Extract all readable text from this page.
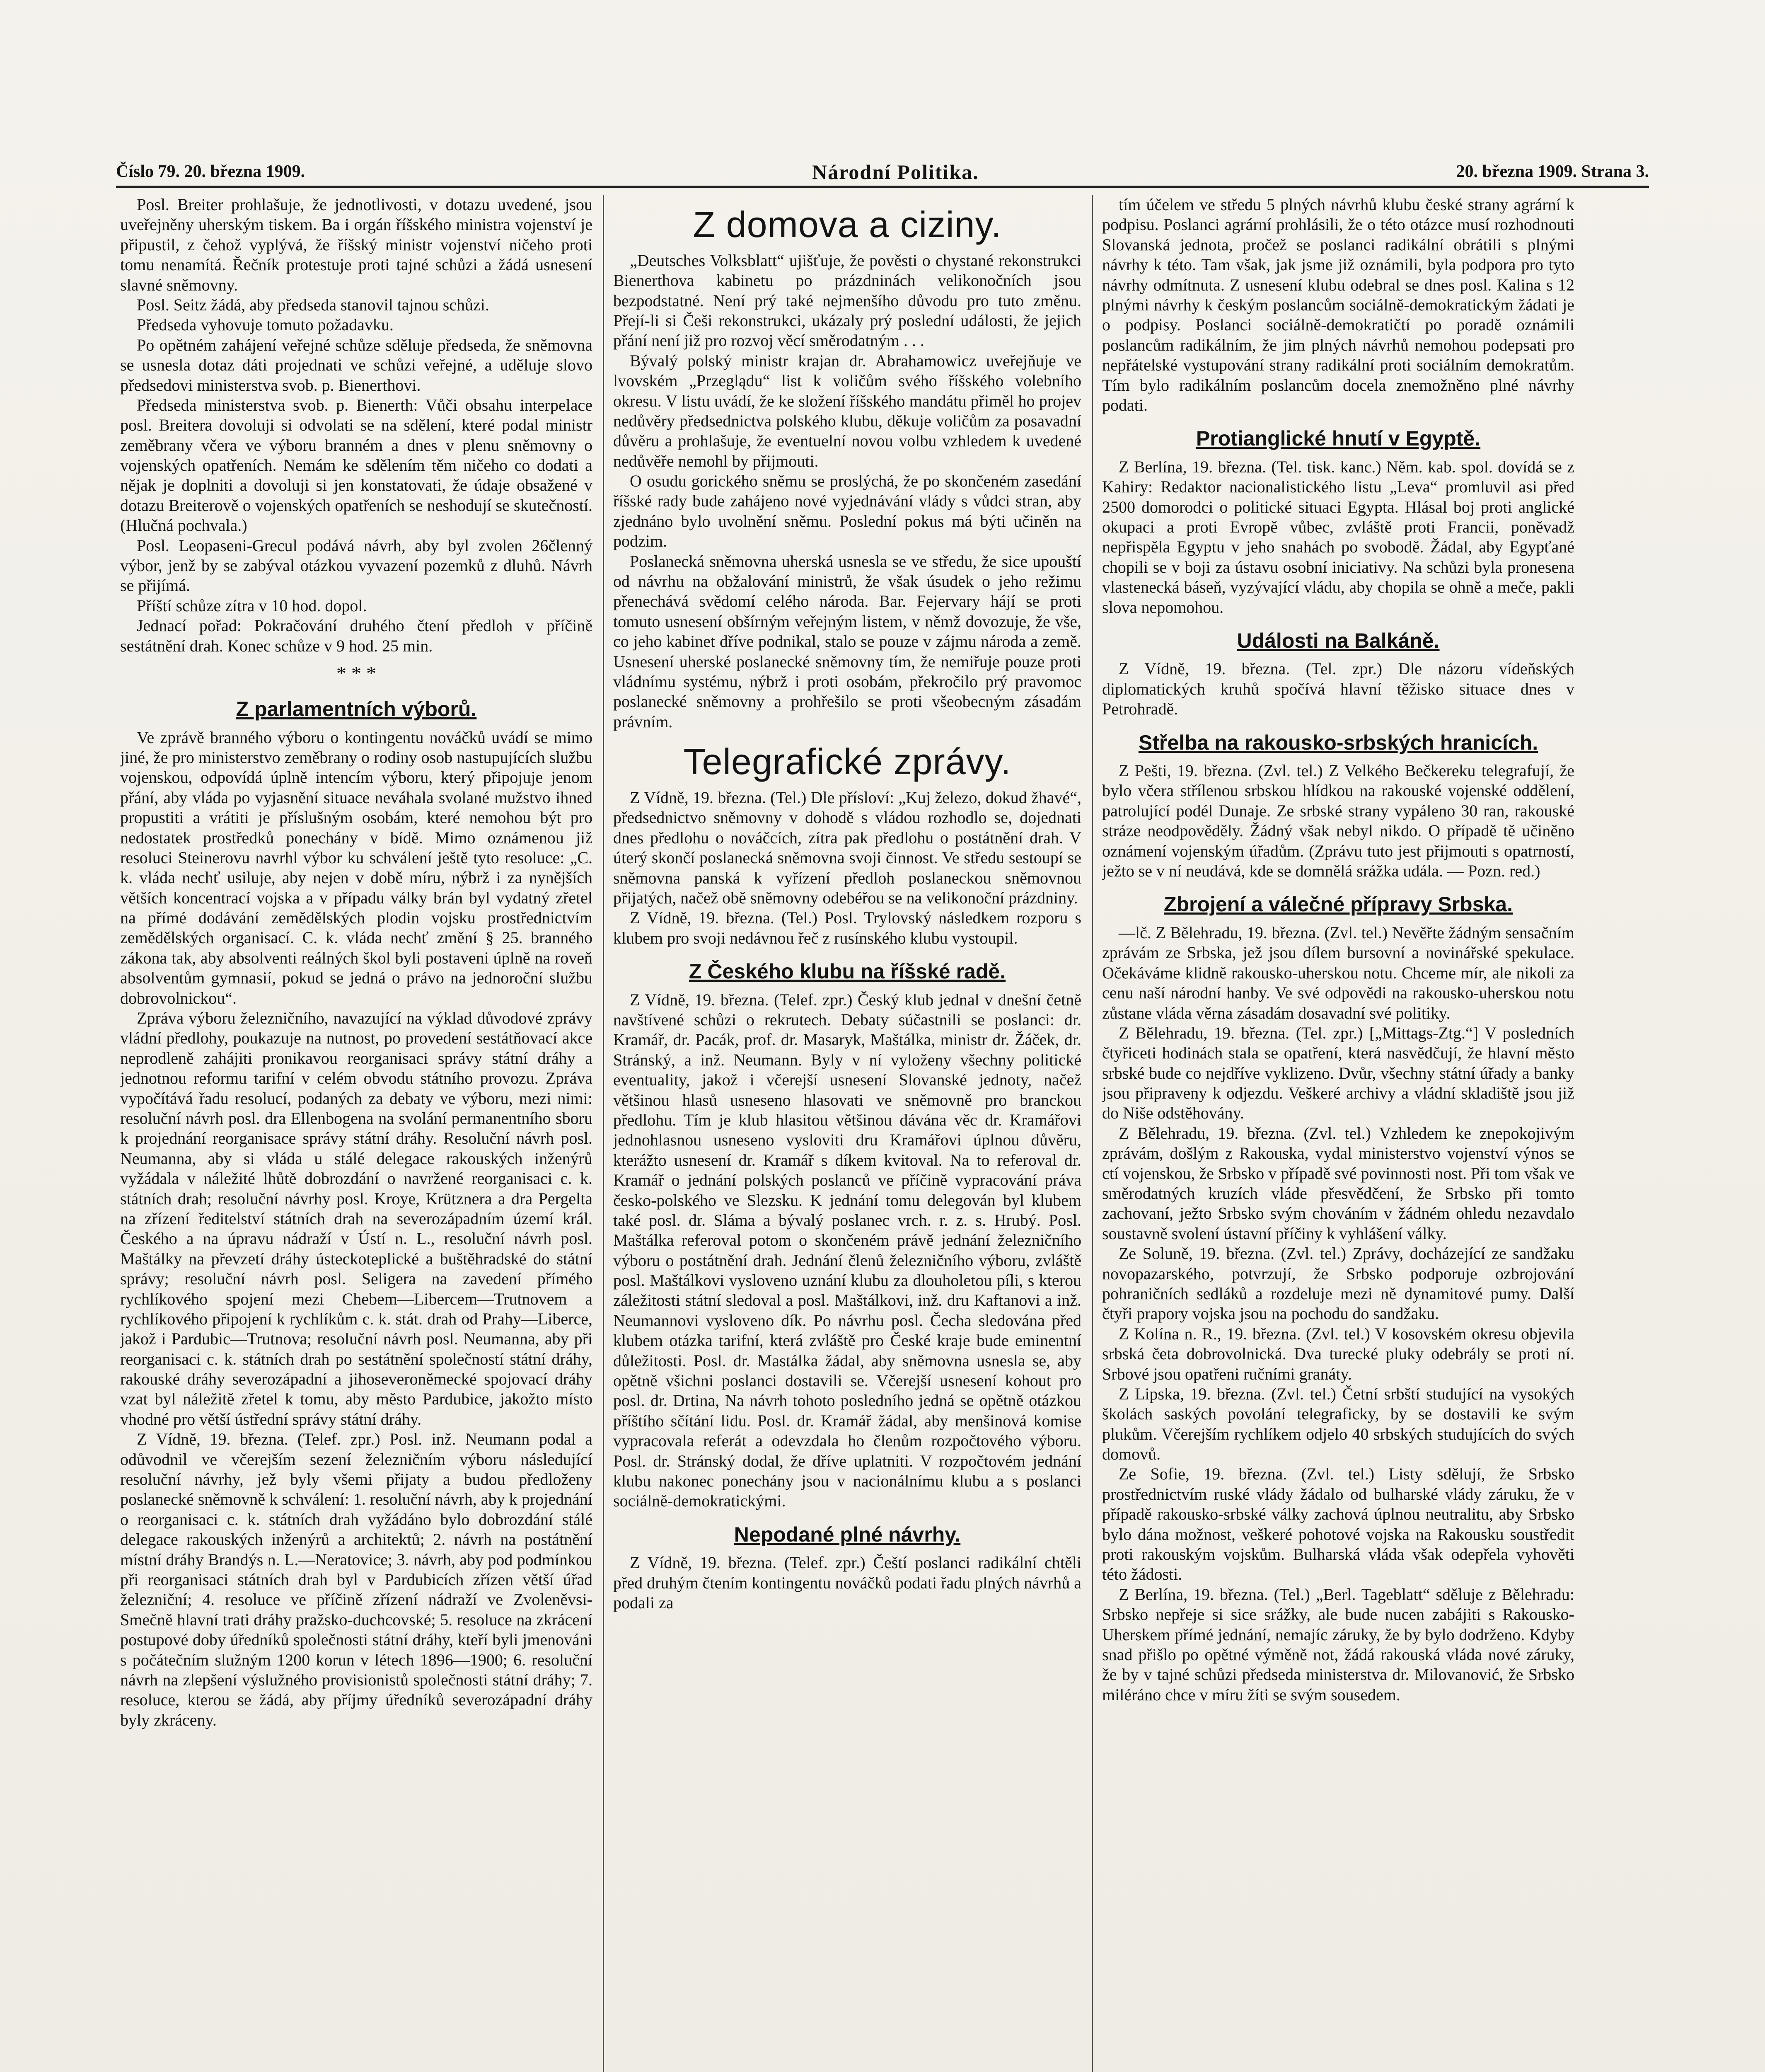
Číslo 79. 20. března 1909.	Národní Politika.	20. března 1909. Strana 3.

Posl. Breiter prohlašuje, že jednotlivosti, v dotazu uvedené, jsou uveřejněny uherským tiskem. Ba i orgán říšského ministra vojenství je připustil, z čehož vyplývá, že říšský ministr vojenství ničeho proti tomu nenamítá. Řečník protestuje proti tajné schůzi a žádá usnesení slavné sněmovny.

Posl. Seitz žádá, aby předseda stanovil tajnou schůzi.

Předseda vyhovuje tomuto požadavku.

Po opětném zahájení veřejné schůze sděluje předseda, že sněmovna se usnesla dotaz dáti projednati ve schůzi veřejné, a uděluje slovo předsedovi ministerstva svob. p. Bienerthovi.

Předseda ministerstva svob. p. Bienerth: Vůči obsahu interpelace posl. Breitera dovoluji si odvolati se na sdělení, které podal ministr zeměbrany včera ve výboru branném a dnes v plenu sněmovny o vojenských opatřeních. Nemám ke sdělením těm ničeho co dodati a nějak je doplniti a dovoluji si jen konstatovati, že údaje obsažené v dotazu Breiterově o vojenských opatřeních se neshodují se skutečností. (Hlučná pochvala.)

Posl. Leopaseni-Grecul podává návrh, aby byl zvolen 26členný výbor, jenž by se zabýval otázkou vyvazení pozemků z dluhů. Návrh se přijímá.

Příští schůze zítra v 10 hod. dopol.

Jednací pořad: Pokračování druhého čtení předloh v příčině sestátnění drah. Konec schůze v 9 hod. 25 min.

* * *
Z parlamentních výborů.

Ve zprávě branného výboru o kontingentu nováčků uvádí se mimo jiné, že pro ministerstvo zeměbrany o rodiny osob nastupujících službu vojenskou, odpovídá úplně intencím výboru, který připojuje jenom přání, aby vláda po vyjasnění situace neváhala svolané mužstvo ihned propustiti a vrátiti je příslušným osobám, které nemohou být pro nedostatek prostředků ponechány v bídě. Mimo oznámenou již resoluci Steinerovu navrhl výbor ku schválení ještě tyto resoluce: „C. k. vláda nechť usiluje, aby nejen v době míru, nýbrž i za nynějších větších koncentrací vojska a v případu války brán byl vydatný zřetel na přímé dodávání zemědělských plodin vojsku prostřednictvím zemědělských organisací. C. k. vláda nechť změní § 25. branného zákona tak, aby absolventi reálných škol byli postaveni úplně na roveň absolventům gymnasií, pokud se jedná o právo na jednoroční službu dobrovolnickou“.

Zpráva výboru železničního, navazující na výklad důvodové zprávy vládní předlohy, poukazuje na nutnost, po provedení sestátňovací akce neprodleně zahájiti pronikavou reorganisaci správy státní dráhy a jednotnou reformu tarifní v celém obvodu státního provozu. Zpráva vypočítává řadu resolucí, podaných za debaty ve výboru, mezi nimi: resoluční návrh posl. dra Ellenbogena na svolání permanentního sboru k projednání reorganisace správy státní dráhy. Resoluční návrh posl. Neumanna, aby si vláda u stálé delegace rakouských inženýrů vyžádala v náležité lhůtě dobrozdání o navržené reorganisaci c. k. státních drah; resoluční návrhy posl. Kroye, Krütznera a dra Pergelta na zřízení ředitelství státních drah na severozápadním území král. Českého a na úpravu nádraží v Ústí n. L., resoluční návrh posl. Maštálky na převzetí dráhy ústeckoteplické a buštěhradské do státní správy; resoluční návrh posl. Seligera na zavedení přímého rychlíkového spojení mezi Chebem—Libercem—Trutnovem a rychlíkového připojení k rychlíkům c. k. stát. drah od Prahy—Liberce, jakož i Pardubic—Trutnova; resoluční návrh posl. Neumanna, aby při reorganisaci c. k. státních drah po sestátnění společností státní dráhy, rakouské dráhy severozápadní a jihoseveroněmecké spojovací dráhy vzat byl náležitě zřetel k tomu, aby město Pardubice, jakožto místo vhodné pro větší ústřední správy státní dráhy.

Z Vídně, 19. března. (Telef. zpr.) Posl. inž. Neumann podal a odůvodnil ve včerejším sezení železničním výboru následující resoluční návrhy, jež byly všemi přijaty a budou předloženy poslanecké sněmovně k schválení: 1. resoluční návrh, aby k projednání o reorganisaci c. k. státních drah vyžádáno bylo dobrozdání stálé delegace rakouských inženýrů a architektů; 2. návrh na postátnění místní dráhy Brandýs n. L.—Neratovice; 3. návrh, aby pod podmínkou při reorganisaci státních drah byl v Pardubicích zřízen větší úřad železniční; 4. resoluce ve příčině zřízení nádraží ve Zvoleněvsi-Smečně hlavní trati dráhy pražsko-duchcovské; 5. resoluce na zkrácení postupové doby úředníků společnosti státní dráhy, kteří byli jmenováni s počátečním služným 1200 korun v létech 1896—1900; 6. resoluční návrh na zlepšení výslužného provisionistů společnosti státní dráhy; 7. resoluce, kterou se žádá, aby příjmy úředníků severozápadní dráhy byly zkráceny.

Z domova a ciziny.

„Deutsches Volksblatt“ ujišťuje, že pověsti o chystané rekonstrukci Bienerthova kabinetu po prázdninách velikonočních jsou bezpodstatné. Není prý také nejmenšího důvodu pro tuto změnu. Přejí-li si Češi rekonstrukci, ukázaly prý poslední události, že jejich přání není již pro rozvoj věcí směrodatným . . .

Bývalý polský ministr krajan dr. Abrahamowicz uveřejňuje ve lvovském „Przeglądu“ list k voličům svého říšského volebního okresu. V listu uvádí, že ke složení říšského mandátu přiměl ho projev nedůvěry předsednictva polského klubu, děkuje voličům za posavadní důvěru a prohlašuje, že eventuelní novou volbu vzhledem k uvedené nedůvěře nemohl by přijmouti.

O osudu gorického sněmu se proslýchá, že po skončeném zasedání říšské rady bude zahájeno nové vyjednávání vlády s vůdci stran, aby zjednáno bylo uvolnění sněmu. Poslední pokus má býti učiněn na podzim.

Poslanecká sněmovna uherská usnesla se ve středu, že sice upouští od návrhu na obžalování ministrů, že však úsudek o jeho režimu přenechává svědomí celého národa. Bar. Fejervary hájí se proti tomuto usnesení obšírným veřejným listem, v němž dovozuje, že vše, co jeho kabinet dříve podnikal, stalo se pouze v zájmu národa a země. Usnesení uherské poslanecké sněmovny tím, že nemiřuje pouze proti vládnímu systému, nýbrž i proti osobám, překročilo prý pravomoc poslanecké sněmovny a prohřešilo se proti všeobecným zásadám právním.

Telegrafické zprávy.

Z Vídně, 19. března. (Tel.) Dle přísloví: „Kuj železo, dokud žhavé“, předsednictvo sněmovny v dohodě s vládou rozhodlo se, dojednati dnes předlohu o nováčcích, zítra pak předlohu o postátnění drah. V úterý skončí poslanecká sněmovna svoji činnost. Ve středu sestoupí se sněmovna panská k vyřízení předloh poslaneckou sněmovnou přijatých, načež obě sněmovny odebéřou se na velikonoční prázdniny.

Z Vídně, 19. března. (Tel.) Posl. Trylovský následkem rozporu s klubem pro svoji nedávnou řeč z rusínského klubu vystoupil.

Z Českého klubu na říšské radě.

Z Vídně, 19. března. (Telef. zpr.) Český klub jednal v dnešní četně navštívené schůzi o rekrutech. Debaty súčastnili se poslanci: dr. Kramář, dr. Pacák, prof. dr. Masaryk, Maštálka, ministr dr. Žáček, dr. Stránský, a inž. Neumann. Byly v ní vyloženy všechny politické eventuality, jakož i včerejší usnesení Slovanské jednoty, načež většinou hlasů usneseno hlasovati ve sněmovně pro branckou předlohu. Tím je klub hlasitou většinou dávána věc dr. Kramářovi jednohlasnou usneseno vysloviti dru Kramářovi úplnou důvěru, kterážto usnesení dr. Kramář s díkem kvitoval. Na to referoval dr. Kramář o jednání polských poslanců ve příčině vypracování práva česko-polského ve Slezsku. K jednání tomu delegován byl klubem také posl. dr. Sláma a bývalý poslanec vrch. r. z. s. Hrubý. Posl. Maštálka referoval potom o skončeném právě jednání železničního výboru o postátnění drah. Jednání členů železničního výboru, zvláště posl. Maštálkovi vysloveno uznání klubu za dlouholetou píli, s kterou záležitosti státní sledoval a posl. Maštálkovi, inž. dru Kaftanovi a inž. Neumannovi vysloveno dík. Po návrhu posl. Čecha sledována před klubem otázka tarifní, která zvláště pro České kraje bude eminentní důležitosti. Posl. dr. Mastálka žádal, aby sněmovna usnesla se, aby opětně všichni poslanci dostavili se. Včerejší usnesení kohout pro posl. dr. Drtina, Na návrh tohoto posledního jedná se opětně otázkou příštího sčítání lidu. Posl. dr. Kramář žádal, aby menšinová komise vypracovala referát a odevzdala ho členům rozpočtového výboru. Posl. dr. Stránský dodal, že dříve uplatniti. V rozpočtovém jednání klubu nakonec ponechány jsou v nacionálnímu klubu a s poslanci sociálně-demokratickými.

Nepodané plné návrhy.

Z Vídně, 19. března. (Telef. zpr.) Čeští poslanci radikální chtěli před druhým čtením kontingentu nováčků podati řadu plných návrhů a podali za

tím účelem ve středu 5 plných návrhů klubu české strany agrární k podpisu. Poslanci agrární prohlásili, že o této otázce musí rozhodnouti Slovanská jednota, pročež se poslanci radikální obrátili s plnými návrhy k této. Tam však, jak jsme již oznámili, byla podpora pro tyto návrhy odmítnuta. Z usnesení klubu odebral se dnes posl. Kalina s 12 plnými návrhy k českým poslancům sociálně-demokratickým žádati je o podpisy. Poslanci sociálně-demokratičtí po poradě oznámili poslancům radikálním, že jim plných návrhů nemohou podepsati pro nepřátelské vystupování strany radikální proti sociálním demokratům. Tím bylo radikálním poslancům docela znemožněno plné návrhy podati.

Protianglické hnutí v Egyptě.

Z Berlína, 19. března. (Tel. tisk. kanc.) Něm. kab. spol. dovídá se z Kahiry: Redaktor nacionalistického listu „Leva“ promluvil asi před 2500 domorodci o politické situaci Egypta. Hlásal boj proti anglické okupaci a proti Evropě vůbec, zvláště proti Francii, poněvadž nepřispěla Egyptu v jeho snahách po svobodě. Žádal, aby Egypťané chopili se v boji za ústavu osobní iniciativy. Na schůzi byla pronesena vlastenecká báseň, vyzývající vládu, aby chopila se ohně a meče, pakli slova nepomohou.

Události na Balkáně.

Z Vídně, 19. března. (Tel. zpr.) Dle názoru vídeňských diplomatických kruhů spočívá hlavní těžisko situace dnes v Petrohradě.

Střelba na rakousko-srbských hranicích.

Z Pešti, 19. března. (Zvl. tel.) Z Velkého Bečkereku telegrafují, že bylo včera střílenou srbskou hlídkou na rakouské vojenské oddělení, patrolující podél Dunaje. Ze srbské strany vypáleno 30 ran, rakouské stráze neodpověděly. Žádný však nebyl nikdo. O případě tě učiněno oznámení vojenským úřadům. (Zprávu tuto jest přijmouti s opatrností, ježto se v ní neudává, kde se domnělá srážka udála. — Pozn. red.)

Zbrojení a válečné přípravy Srbska.

—lč. Z Bělehradu, 19. března. (Zvl. tel.) Nevěřte žádným sensačním zprávám ze Srbska, jež jsou dílem bursovní a novinářské spekulace. Očekáváme klidně rakousko-uherskou notu. Chceme mír, ale nikoli za cenu naší národní hanby. Ve své odpovědi na rakousko-uherskou notu zůstane vláda věrna zásadám dosavadní své politiky.

Z Bělehradu, 19. března. (Tel. zpr.) [„Mittags-Ztg.“] V posledních čtyřiceti hodinách stala se opatření, která nasvědčují, že hlavní město srbské bude co nejdříve vyklizeno. Dvůr, všechny státní úřady a banky jsou připraveny k odjezdu. Veškeré archivy a vládní skladiště jsou již do Niše odstěhovány.

Z Bělehradu, 19. března. (Zvl. tel.) Vzhledem ke znepokojivým zprávám, došlým z Rakouska, vydal ministerstvo vojenství výnos se ctí vojenskou, že Srbsko v případě své povinnosti nost. Při tom však ve směrodatných kruzích vláde přesvědčení, že Srbsko při tomto zachovaní, ježto Srbsko svým chováním v žádném ohledu nezavdalo soustavně svolení ústavní příčiny k vyhlášení války.

Ze Soluně, 19. března. (Zvl. tel.) Zprávy, docházející ze sandžaku novopazarského, potvrzují, že Srbsko podporuje ozbrojování pohraničních sedláků a rozdeluje mezi ně dynamitové pumy. Další čtyři prapory vojska jsou na pochodu do sandžaku.

Z Kolína n. R., 19. března. (Zvl. tel.) V kosovském okresu objevila srbská četa dobrovolnická. Dva turecké pluky odebrály se proti ní. Srbové jsou opatřeni ručními granáty.

Z Lipska, 19. března. (Zvl. tel.) Četní srbští studující na vysokých školách saských povolání telegraficky, by se dostavili ke svým plukům. Včerejším rychlíkem odjelo 40 srbských studujících do svých domovů.

Ze Sofie, 19. března. (Zvl. tel.) Listy sdělují, že Srbsko prostřednictvím ruské vlády žádalo od bulharské vlády záruku, že v případě rakousko-srbské války zachová úplnou neutralitu, aby Srbsko bylo dána možnost, veškeré pohotové vojska na Rakousku soustředit proti rakouským vojskům. Bulharská vláda však odepřela vyhověti této žádosti.

Z Berlína, 19. března. (Tel.) „Berl. Tageblatt“ sděluje z Bělehradu: Srbsko nepřeje si sice srážky, ale bude nucen zabájiti s Rakousko-Uherskem přímé jednání, nemajíc záruky, že by bylo dodrženo. Kdyby snad přišlo po opětné výměně not, žádá rakouská vláda nové záruky, že by v tajné schůzi předseda ministerstva dr. Milovanović, že Srbsko miléráno chce v míru žíti se svým sousedem.
